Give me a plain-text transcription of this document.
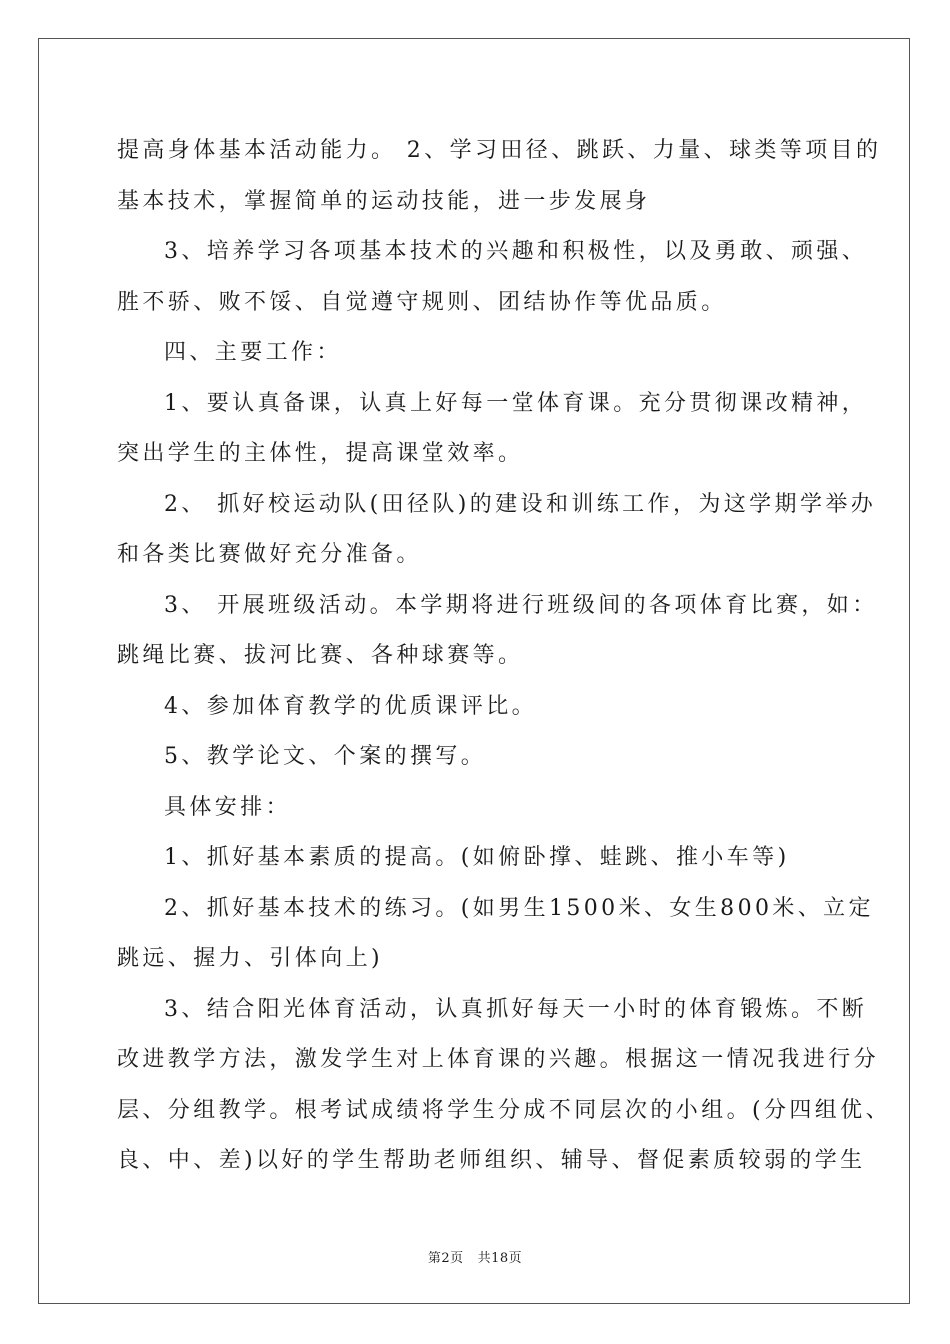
提高身体基本活动能力。 2、学习田径、跳跃、力量、球类等项目的
基本技术，掌握简单的运动技能，进一步发展身
3、培养学习各项基本技术的兴趣和积极性，以及勇敢、顽强、
胜不骄、败不馁、自觉遵守规则、团结协作等优品质。
四、主要工作：
1、要认真备课，认真上好每一堂体育课。充分贯彻课改精神，
突出学生的主体性，提高课堂效率。
2、 抓好校运动队(田径队)的建设和训练工作，为这学期学举办
和各类比赛做好充分准备。
3、 开展班级活动。本学期将进行班级间的各项体育比赛，如：
跳绳比赛、拔河比赛、各种球赛等。
4、参加体育教学的优质课评比。
5、教学论文、个案的撰写。
具体安排：
1、抓好基本素质的提高。(如俯卧撑、蛙跳、推小车等)
2、抓好基本技术的练习。(如男生1500米、女生800米、立定
跳远、握力、引体向上)
3、结合阳光体育活动，认真抓好每天一小时的体育锻炼。不断
改进教学方法，激发学生对上体育课的兴趣。根据这一情况我进行分
层、分组教学。根考试成绩将学生分成不同层次的小组。(分四组优、
良、中、差)以好的学生帮助老师组织、辅导、督促素质较弱的学生
第2页 共18页
